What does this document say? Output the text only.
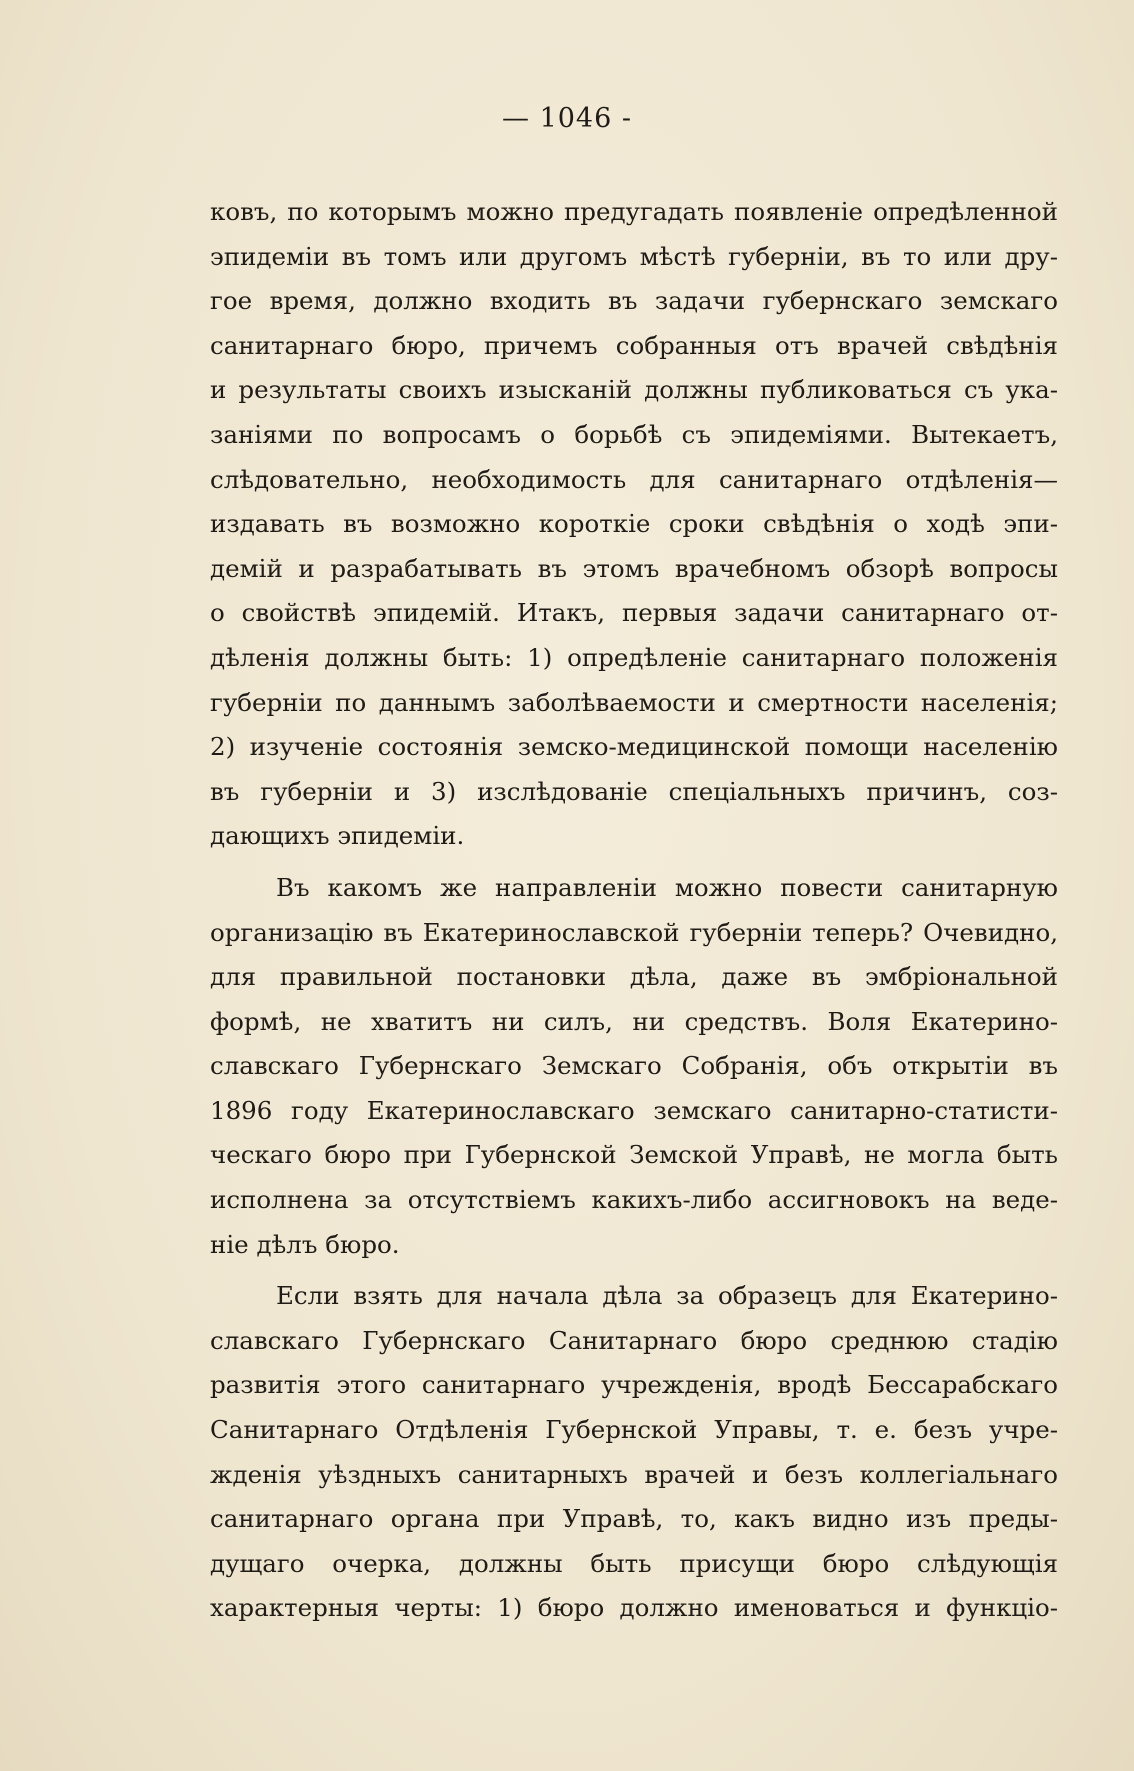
— 1046 -
ковъ, по которымъ можно предугадать появленіе опредѣленной
эпидеміи въ томъ или другомъ мѣстѣ губерніи, въ то или дру-
гое время, должно входить въ задачи губернскаго земскаго
санитарнаго бюро, причемъ собранныя отъ врачей свѣдѣнія
и результаты своихъ изысканій должны публиковаться съ ука-
заніями по вопросамъ о борьбѣ съ эпидеміями. Вытекаетъ,
слѣдовательно, необходимость для санитарнаго отдѣленія—
издавать въ возможно короткіе сроки свѣдѣнія о ходѣ эпи-
демій и разрабатывать въ этомъ врачебномъ обзорѣ вопросы
о свойствѣ эпидемій. Итакъ, первыя задачи санитарнаго от-
дѣленія должны быть: 1) опредѣленіе санитарнаго положенія
губерніи по даннымъ заболѣваемости и смертности населенія;
2) изученіе состоянія земско-медицинской помощи населенію
въ губерніи и 3) изслѣдованіе спеціальныхъ причинъ, соз-
дающихъ эпидеміи.
Въ какомъ же направленіи можно повести санитарную
организацію въ Екатеринославской губерніи теперь? Очевидно,
для правильной постановки дѣла, даже въ эмбріональной
формѣ, не хватитъ ни силъ, ни средствъ. Воля Екатерино-
славскаго Губернскаго Земскаго Собранія, объ открытіи въ
1896 году Екатеринославскаго земскаго санитарно-статисти-
ческаго бюро при Губернской Земской Управѣ, не могла быть
исполнена за отсутствіемъ какихъ-либо ассигновокъ на веде-
ніе дѣлъ бюро.
Если взять для начала дѣла за образецъ для Екатерино-
славскаго Губернскаго Санитарнаго бюро среднюю стадію
развитія этого санитарнаго учрежденія, вродѣ Бессарабскаго
Санитарнаго Отдѣленія Губернской Управы, т. е. безъ учре-
жденія уѣздныхъ санитарныхъ врачей и безъ коллегіальнаго
санитарнаго органа при Управѣ, то, какъ видно изъ преды-
дущаго очерка, должны быть присущи бюро слѣдующія
характерныя черты: 1) бюро должно именоваться и функціо-
